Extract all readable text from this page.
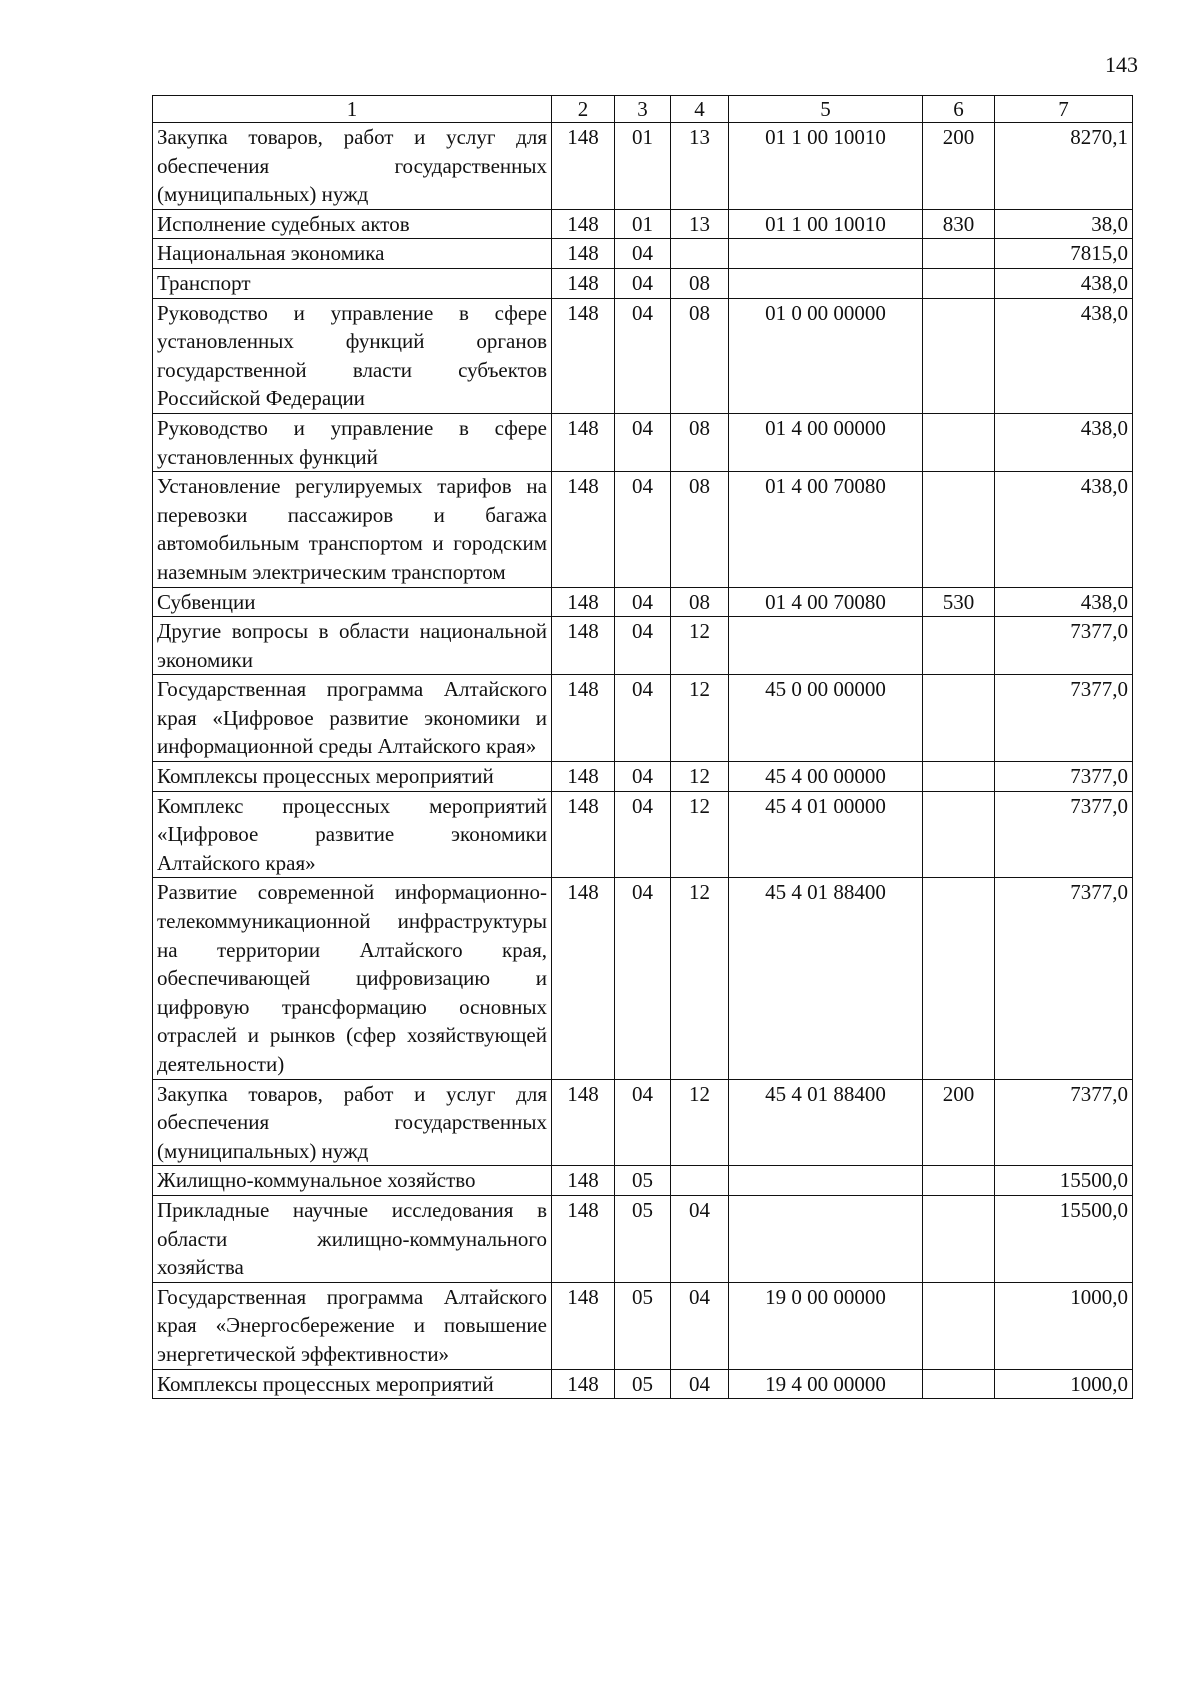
143
1	2	3	4	5	6	7
Закупка товаров, работ и услуг для обеспечения государственных (муниципальных) нужд	148	01	13	01 1 00 10010	200	8270,1
Исполнение судебных актов	148	01	13	01 1 00 10010	830	38,0
Национальная экономика	148	04				7815,0
Транспорт	148	04	08			438,0
Руководство и управление в сфере установленных функций органов государственной власти субъектов Российской Федерации	148	04	08	01 0 00 00000		438,0
Руководство и управление в сфере установленных функций	148	04	08	01 4 00 00000		438,0
Установление регулируемых тарифов на перевозки пассажиров и багажа автомобильным транспортом и городским наземным электрическим транспортом	148	04	08	01 4 00 70080		438,0
Субвенции	148	04	08	01 4 00 70080	530	438,0
Другие вопросы в области национальной экономики	148	04	12			7377,0
Государственная программа Алтайского края «Цифровое развитие экономики и информационной среды Алтайского края»	148	04	12	45 0 00 00000		7377,0
Комплексы процессных мероприятий	148	04	12	45 4 00 00000		7377,0
Комплекс процессных мероприятий «Цифровое развитие экономики Алтайского края»	148	04	12	45 4 01 00000		7377,0
Развитие современной информационно-телекоммуникационной инфраструктуры на территории Алтайского края, обеспечивающей цифровизацию и цифровую трансформацию основных отраслей и рынков (сфер хозяйствующей деятельности)	148	04	12	45 4 01 88400		7377,0
Закупка товаров, работ и услуг для обеспечения государственных (муниципальных) нужд	148	04	12	45 4 01 88400	200	7377,0
Жилищно-коммунальное хозяйство	148	05				15500,0
Прикладные научные исследования в области жилищно-коммунального хозяйства	148	05	04			15500,0
Государственная программа Алтайского края «Энергосбережение и повышение энергетической эффективности»	148	05	04	19 0 00 00000		1000,0
Комплексы процессных мероприятий	148	05	04	19 4 00 00000		1000,0
